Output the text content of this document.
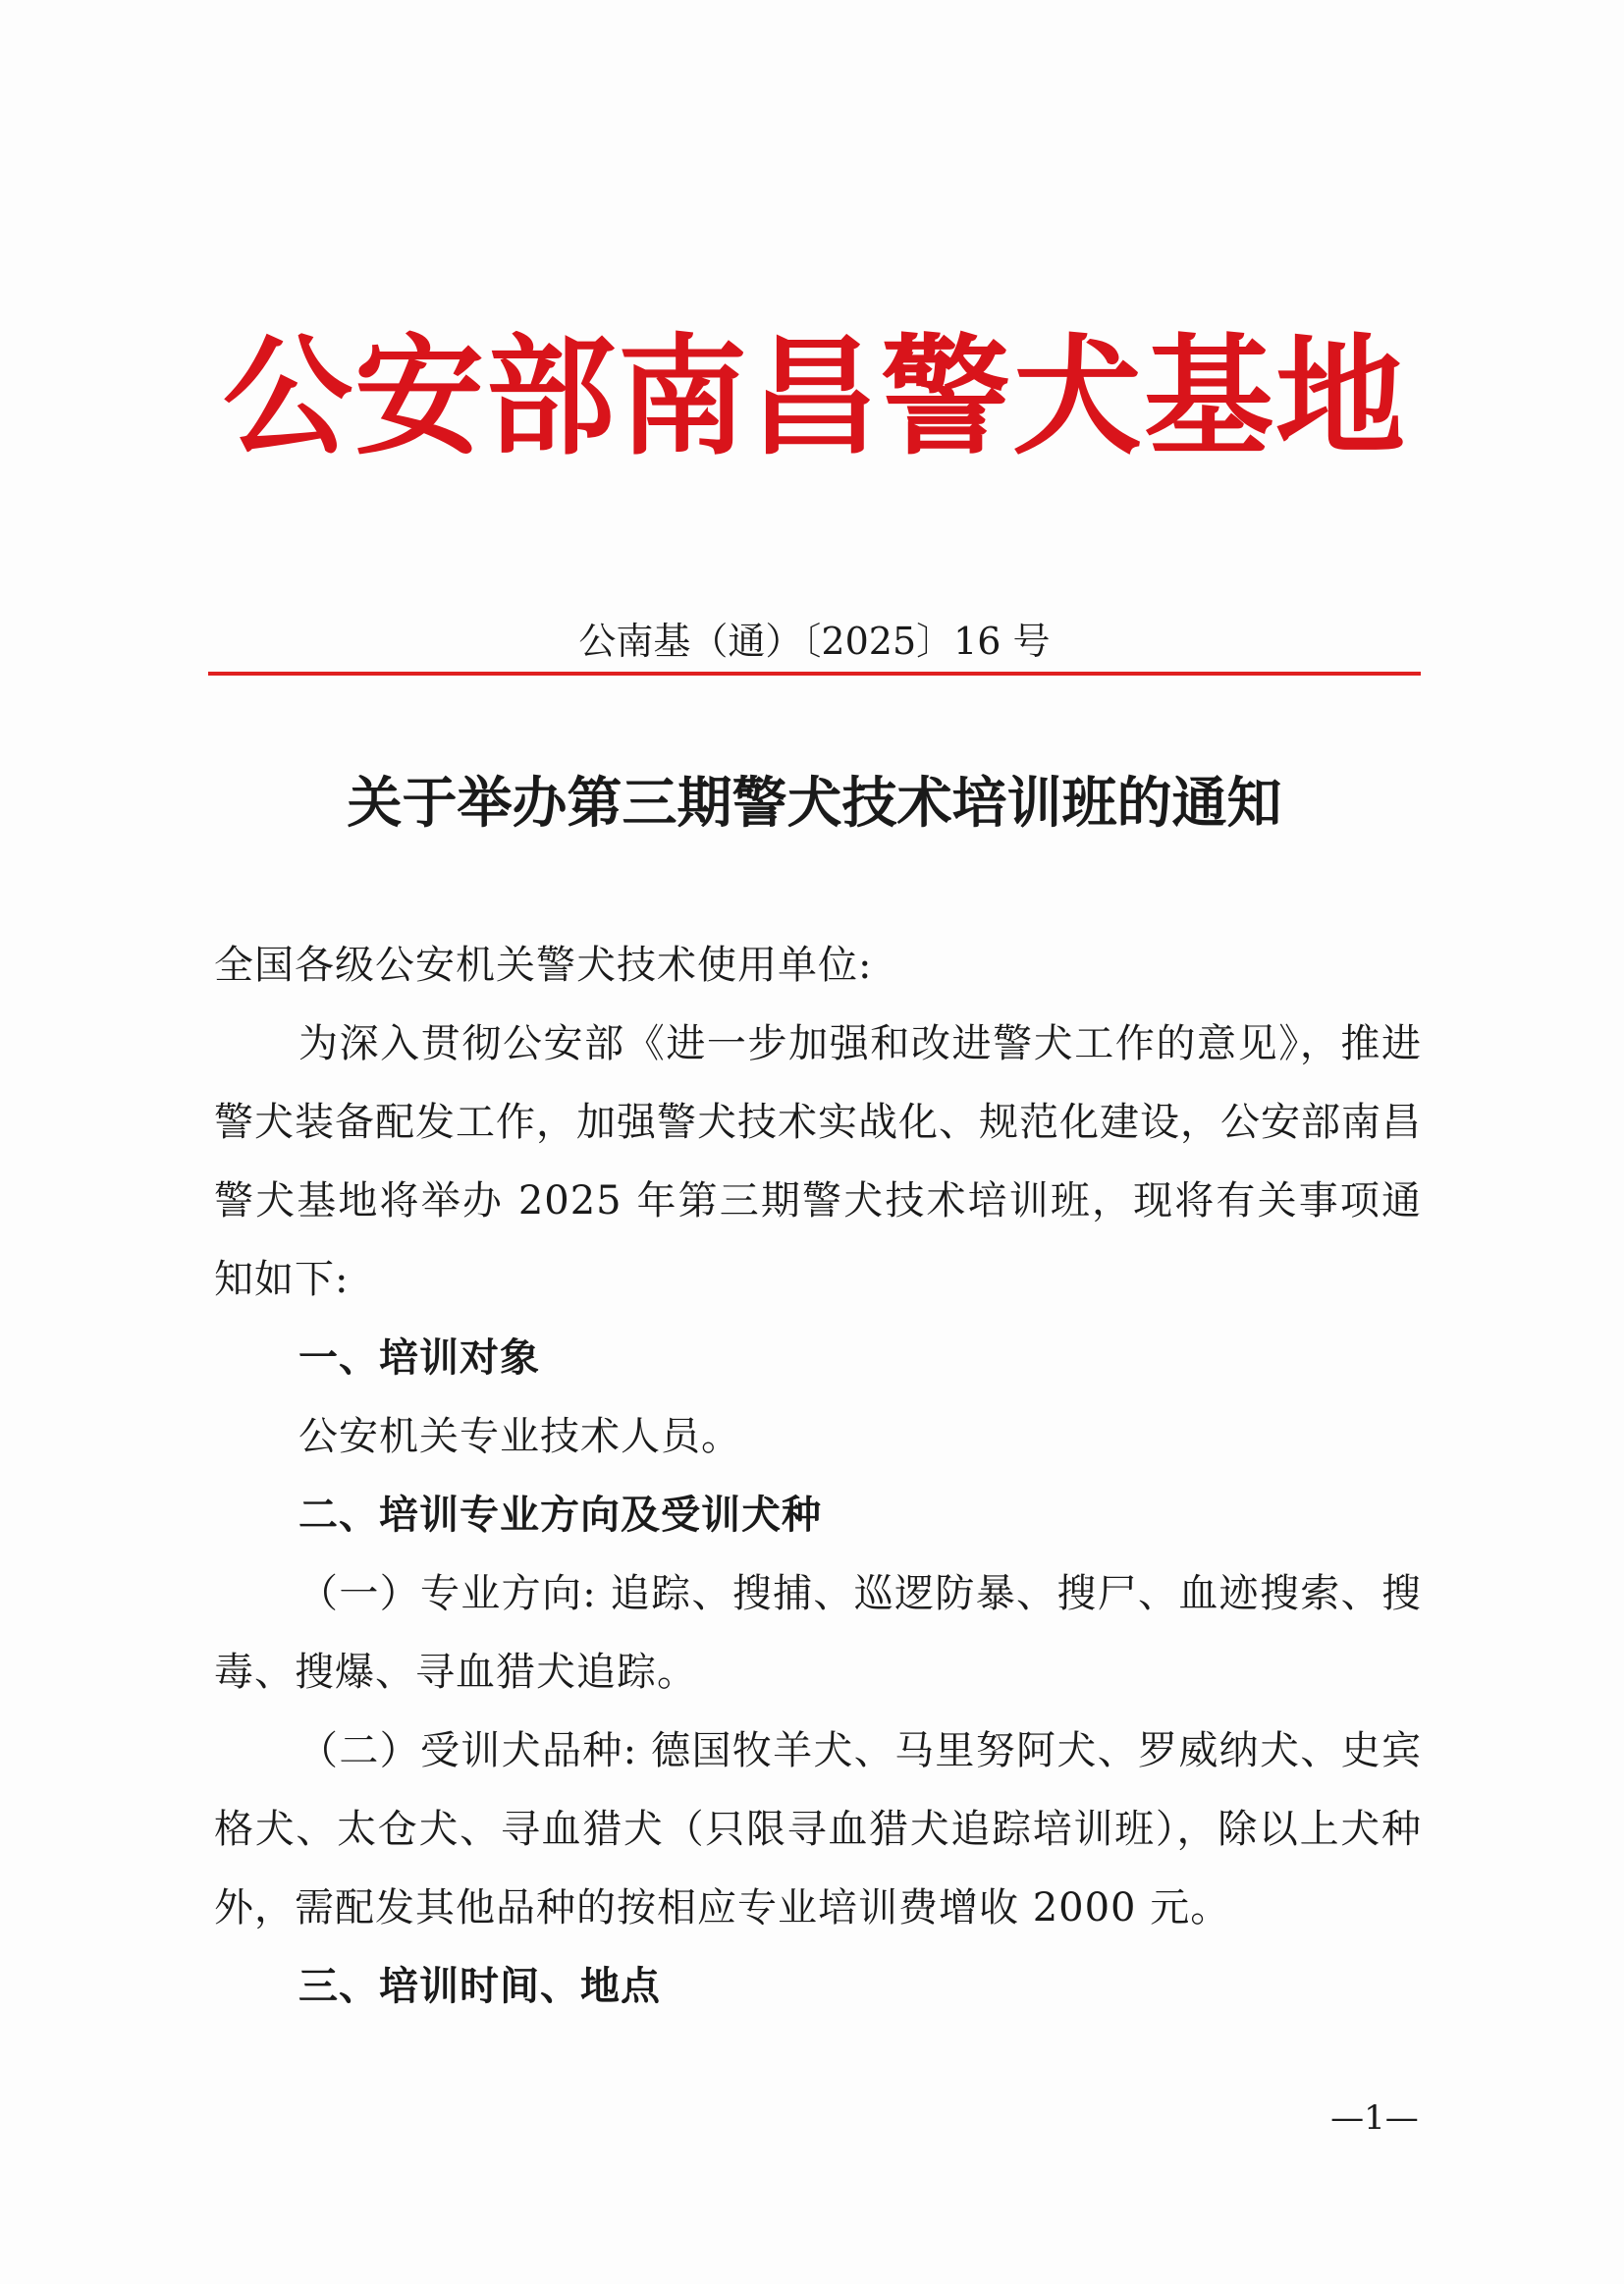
公安部南昌警犬基地
公南基（通）〔2025〕16 号
关于举办第三期警犬技术培训班的通知
全国各级公安机关警犬技术使用单位:
为深入贯彻公安部《进一步加强和改进警犬工作的意见》，推进警犬装备配发工作，加强警犬技术实战化、规范化建设，公安部南昌警犬基地将举办 2025 年第三期警犬技术培训班，现将有关事项通知如下:
一、培训对象
公安机关专业技术人员。
二、培训专业方向及受训犬种
（一）专业方向: 追踪、搜捕、巡逻防暴、搜尸、血迹搜索、搜毒、搜爆、寻血猎犬追踪。
（二）受训犬品种: 德国牧羊犬、马里努阿犬、罗威纳犬、史宾格犬、太仓犬、寻血猎犬（只限寻血猎犬追踪培训班），除以上犬种外，需配发其他品种的按相应专业培训费增收 2000 元。
三、培训时间、地点
—1—
